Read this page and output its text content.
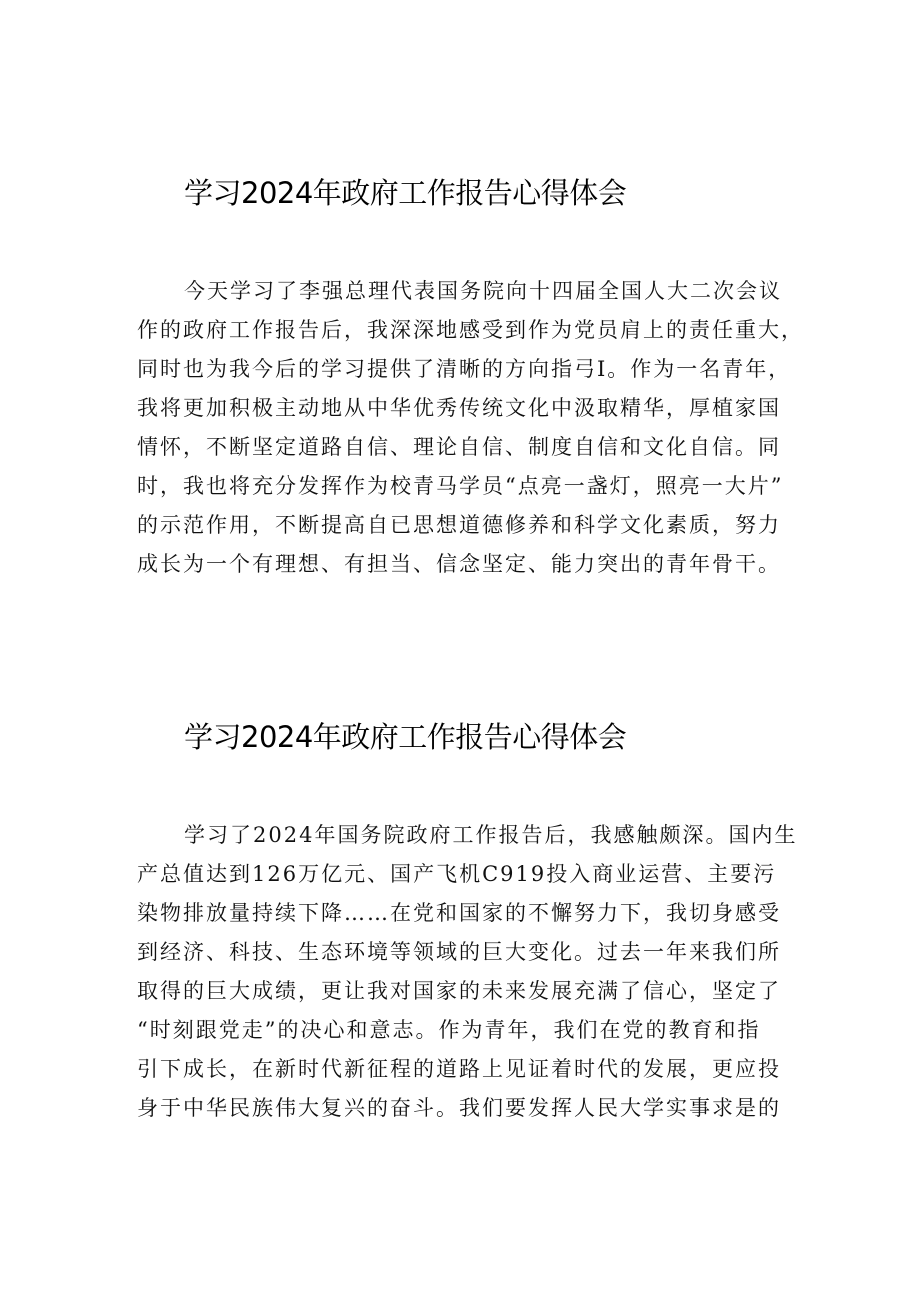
学习2024年政府工作报告心得体会
今天学习了李强总理代表国务院向十四届全国人大二次会议
作的政府工作报告后，我深深地感受到作为党员肩上的责任重大，
同时也为我今后的学习提供了清晰的方向指弓I。作为一名青年，
我将更加积极主动地从中华优秀传统文化中汲取精华，厚植家国
情怀，不断坚定道路自信、理论自信、制度自信和文化自信。同
时，我也将充分发挥作为校青马学员“点亮一盏灯，照亮一大片”
的示范作用，不断提高自已思想道德修养和科学文化素质，努力
成长为一个有理想、有担当、信念坚定、能力突出的青年骨干。
学习2024年政府工作报告心得体会
学习了2024年国务院政府工作报告后，我感触颇深。国内生
产总值达到126万亿元、国产飞机C919投入商业运营、主要污
染物排放量持续下降……在党和国家的不懈努力下，我切身感受
到经济、科技、生态环境等领域的巨大变化。过去一年来我们所
取得的巨大成绩，更让我对国家的未来发展充满了信心，坚定了
“时刻跟党走”的决心和意志。作为青年，我们在党的教育和指
引下成长，在新时代新征程的道路上见证着时代的发展，更应投
身于中华民族伟大复兴的奋斗。我们要发挥人民大学实事求是的
